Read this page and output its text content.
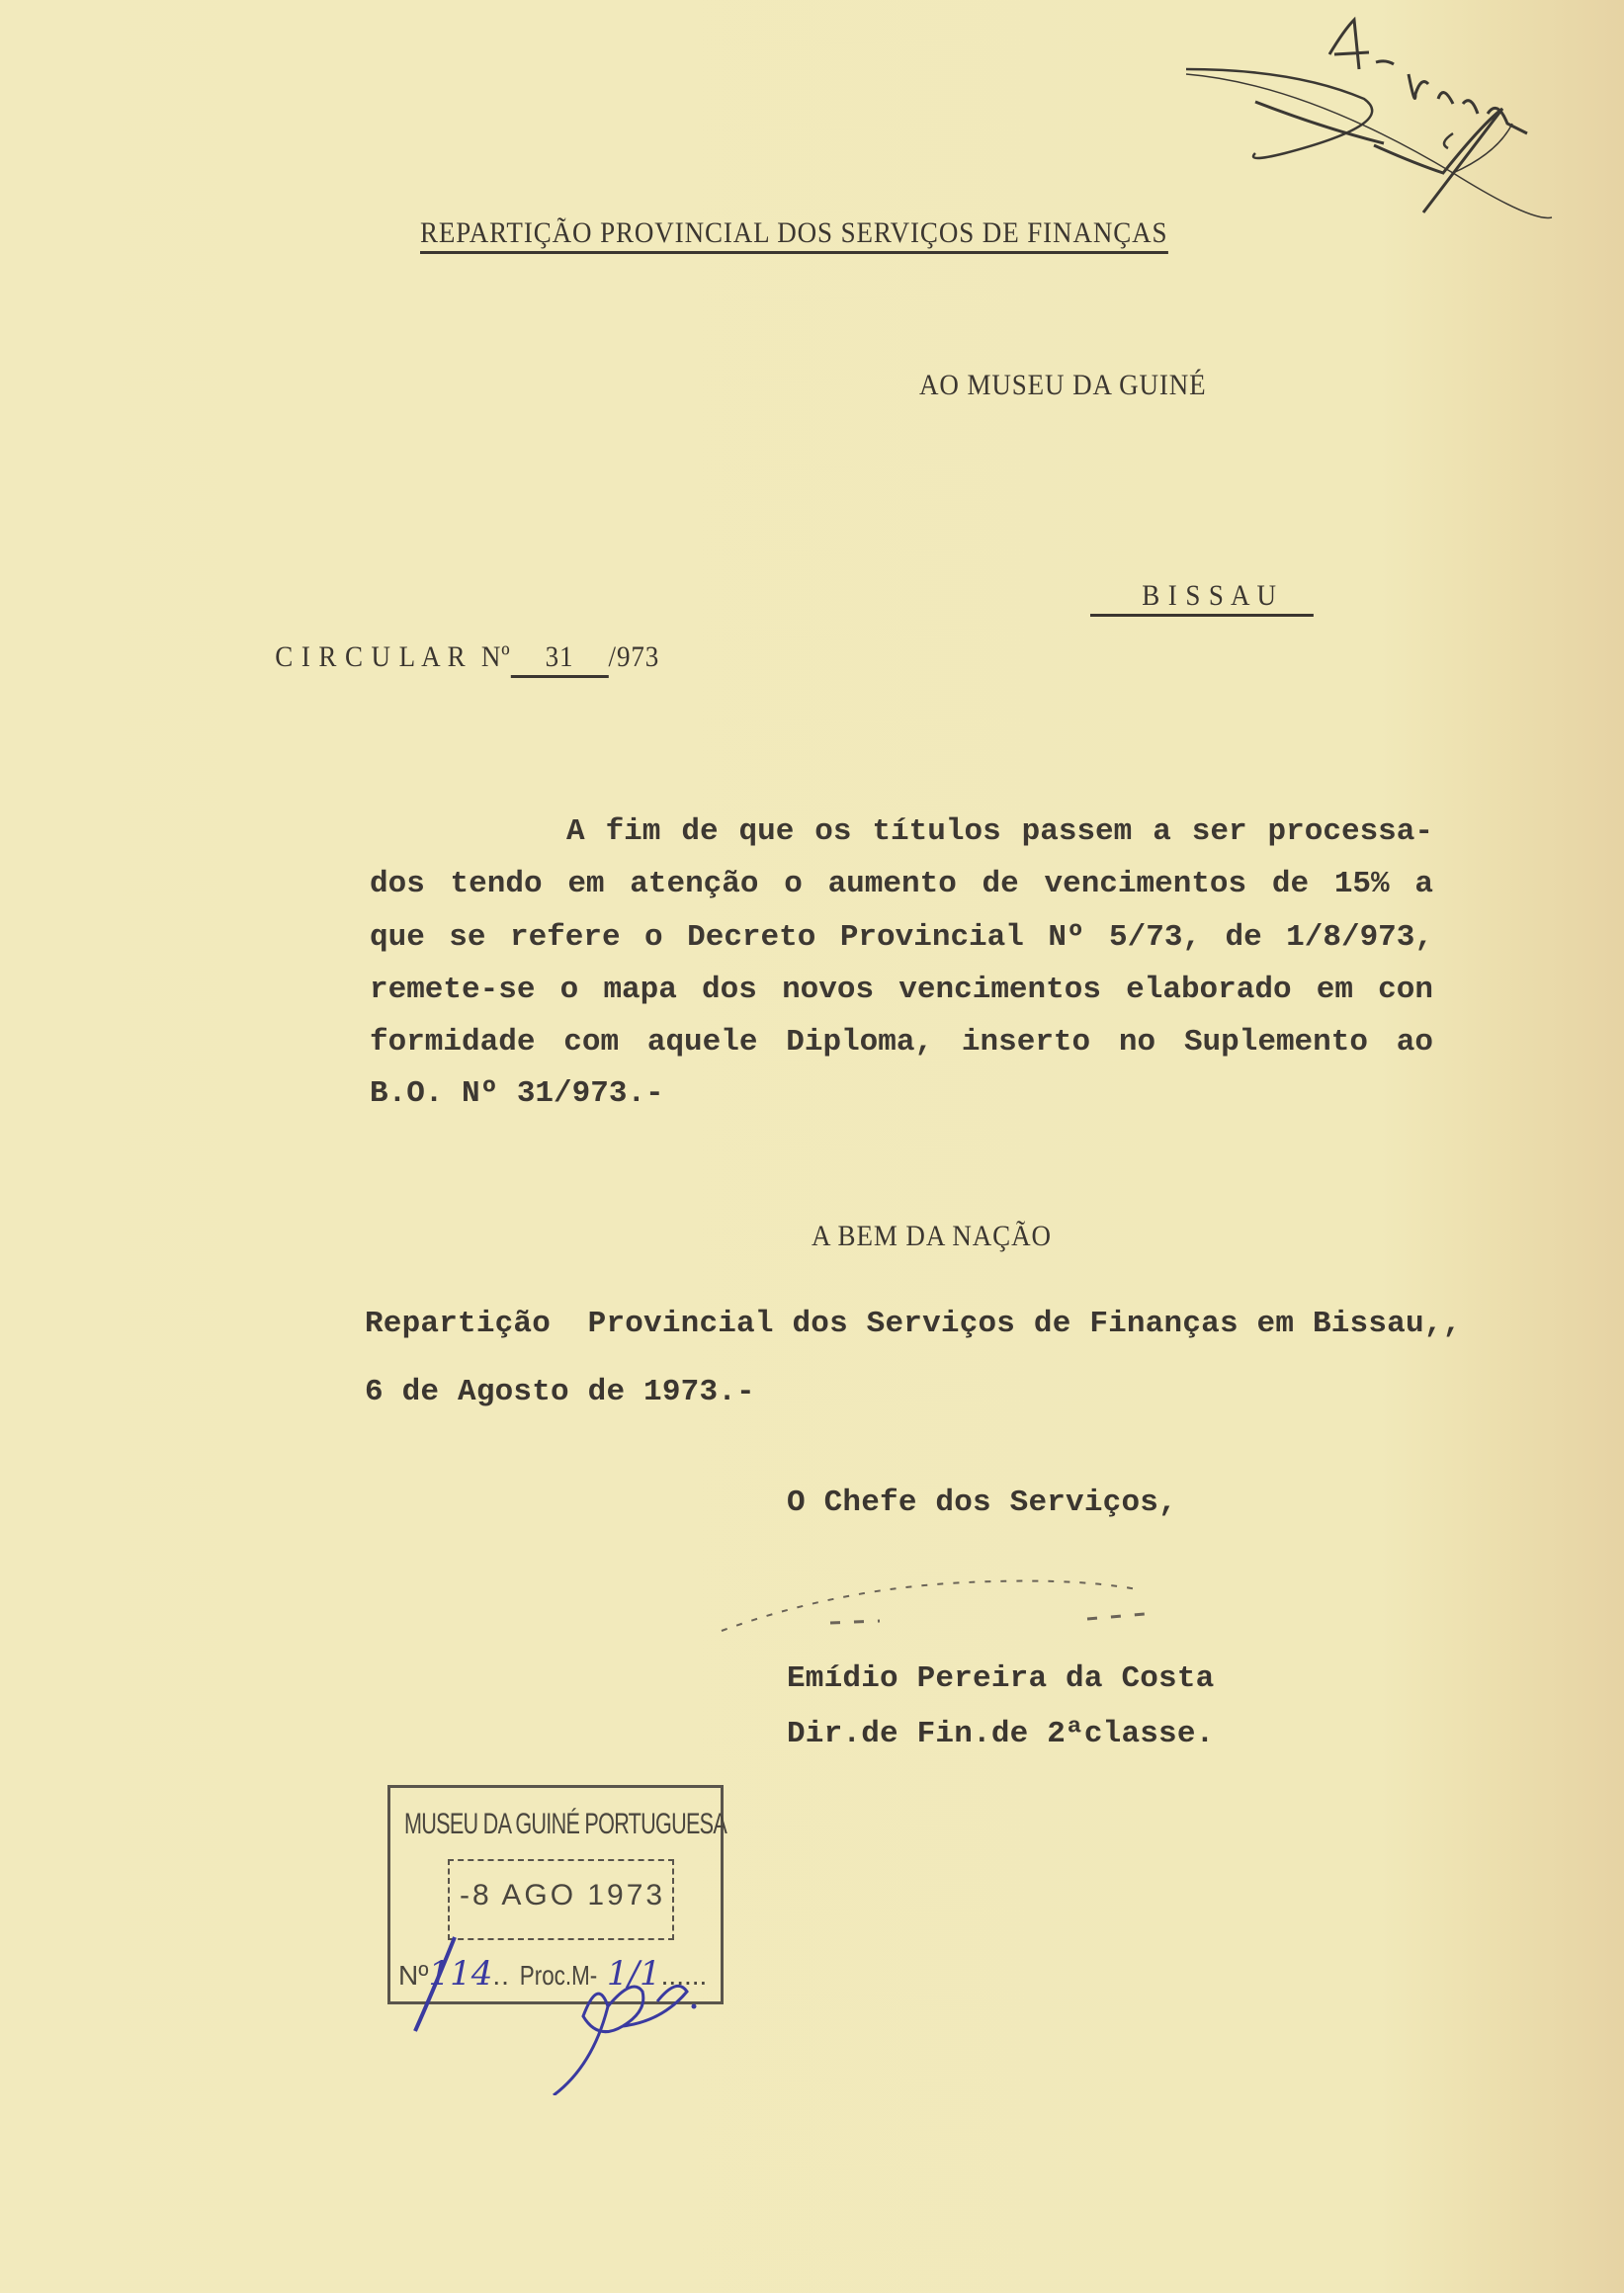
REPARTIÇÃO PROVINCIAL DOS SERVIÇOS DE FINANÇAS
AO MUSEU DA GUINÉ

B I S S A U

C I R C U L A R  Nº 31 /973

A fim de que os títulos passem a ser processa-
dos tendo em atenção o aumento de vencimentos de 15% a
que se refere o Decreto Provincial Nº 5/73, de 1/8/973,
remete-se o mapa dos novos vencimentos elaborado em con
formidade com aquele Diploma, inserto no Suplemento ao
B.O. Nº 31/973.-
A BEM DA NAÇÃO
Repartição  Provincial dos Serviços de Finanças em Bissau,,
6 de Agosto de 1973.-
O Chefe dos Serviços,
Emídio Pereira da Costa
Dir.de Fin.de 2ªclasse.
MUSEU DA GUINÉ PORTUGUESA
-8 AGO 1973
Nº114.. Proc.M- 1/1......
